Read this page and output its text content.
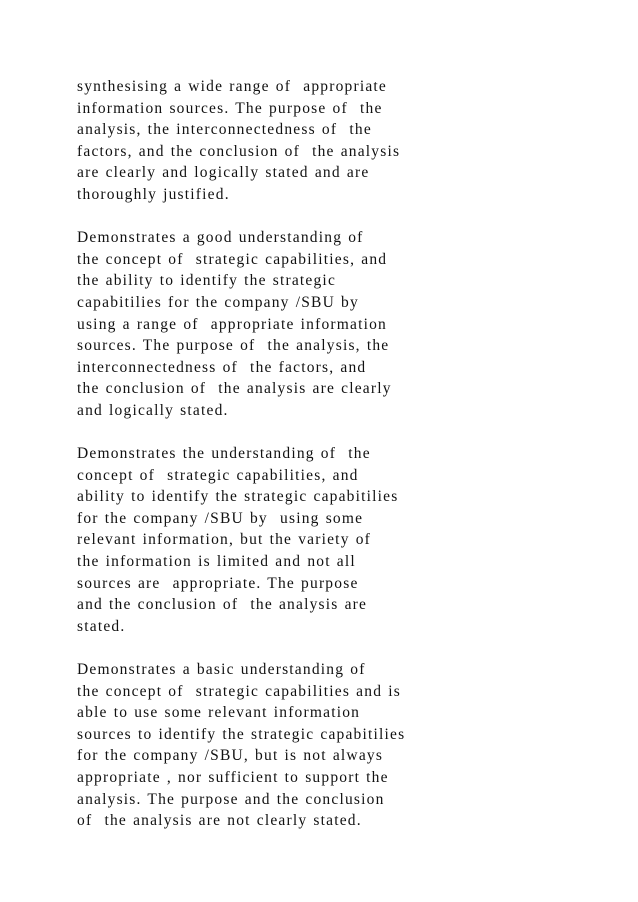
synthesising a wide range of  appropriate
information sources. The purpose of  the
analysis, the interconnectedness of  the
factors, and the conclusion of  the analysis
are clearly and logically stated and are
thoroughly justified.
Demonstrates a good understanding of
the concept of  strategic capabilities, and
the ability to identify the strategic
capabitilies for the company /SBU by
using a range of  appropriate information
sources. The purpose of  the analysis, the
interconnectedness of  the factors, and
the conclusion of  the analysis are clearly
and logically stated.
Demonstrates the understanding of  the
concept of  strategic capabilities, and
ability to identify the strategic capabitilies
for the company /SBU by  using some
relevant information, but the variety of
the information is limited and not all
sources are  appropriate. The purpose
and the conclusion of  the analysis are
stated.
Demonstrates a basic understanding of
the concept of  strategic capabilities and is
able to use some relevant information
sources to identify the strategic capabitilies
for the company /SBU, but is not always
appropriate , nor sufficient to support the
analysis. The purpose and the conclusion
of  the analysis are not clearly stated.
